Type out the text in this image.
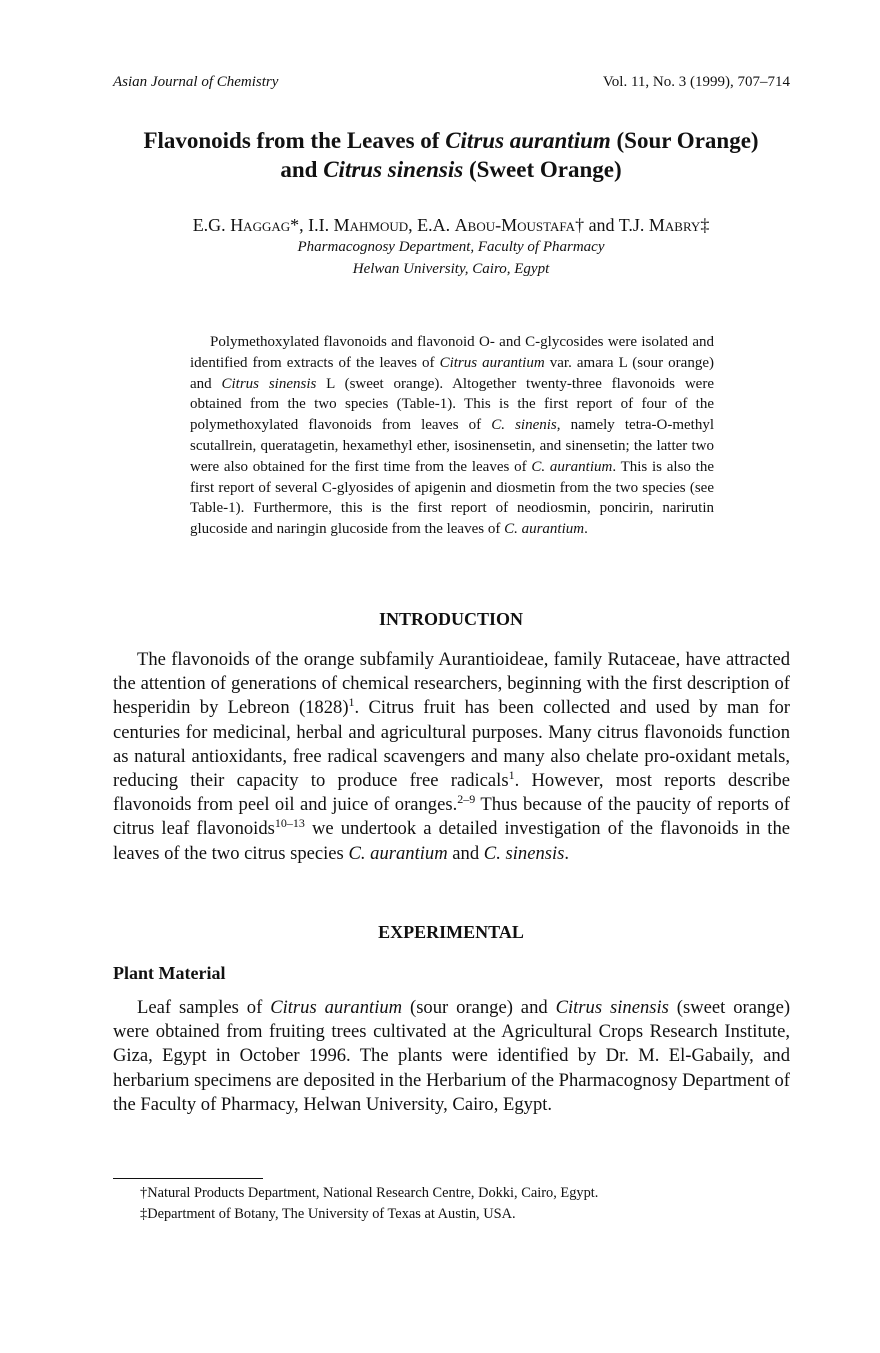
Asian Journal of Chemistry	Vol. 11, No. 3 (1999), 707–714
Flavonoids from the Leaves of Citrus aurantium (Sour Orange)
and Citrus sinensis (Sweet Orange)
E.G. Haggag*, I.I. Mahmoud, E.A. Abou-Moustafa† and T.J. Mabry‡
Pharmacognosy Department, Faculty of Pharmacy
Helwan University, Cairo, Egypt

Polymethoxylated flavonoids and flavonoid O- and C-glycosides were isolated and identified from extracts of the leaves of Citrus aurantium var. amara L (sour orange) and Citrus sinensis L (sweet orange). Altogether twenty-three flavonoids were obtained from the two species (Table-1). This is the first report of four of the polymethoxylated flavonoids from leaves of C. sinenis, namely tetra-O-methyl scutallrein, queratagetin, hexamethyl ether, isosinensetin, and sinensetin; the latter two were also obtained for the first time from the leaves of C. aurantium. This is also the first report of several C-glyosides of apigenin and diosmetin from the two species (see Table-1). Furthermore, this is the first report of neodiosmin, poncirin, narirutin glucoside and naringin glucoside from the leaves of C. aurantium.

INTRODUCTION

The flavonoids of the orange subfamily Aurantioideae, family Rutaceae, have attracted the attention of generations of chemical researchers, beginning with the first description of hesperidin by Lebreon $(1828)^1$. Citrus fruit has been collected and used by man for centuries for medicinal, herbal and agricultural purposes. Many citrus flavonoids function as natural antioxidants, free radical scavengers and many also chelate pro-oxidant metals, reducing their capacity to produce free radicals$^1$. However, most reports describe flavonoids from peel oil and juice of oranges.$^{2-9}$ Thus because of the paucity of reports of citrus leaf flavonoids$^{10-13}$ we undertook a detailed investigation of the flavonoids in the leaves of the two citrus species C. aurantium and C. sinensis.

EXPERIMENTAL
Plant Material

Leaf samples of Citrus aurantium (sour orange) and Citrus sinensis (sweet orange) were obtained from fruiting trees cultivated at the Agricultural Crops Research Institute, Giza, Egypt in October 1996. The plants were identified by Dr. M. El-Gabaily, and herbarium specimens are deposited in the Herbarium of the Pharmacognosy Department of the Faculty of Pharmacy, Helwan University, Cairo, Egypt.

†Natural Products Department, National Research Centre, Dokki, Cairo, Egypt.
‡Department of Botany, The University of Texas at Austin, USA.
